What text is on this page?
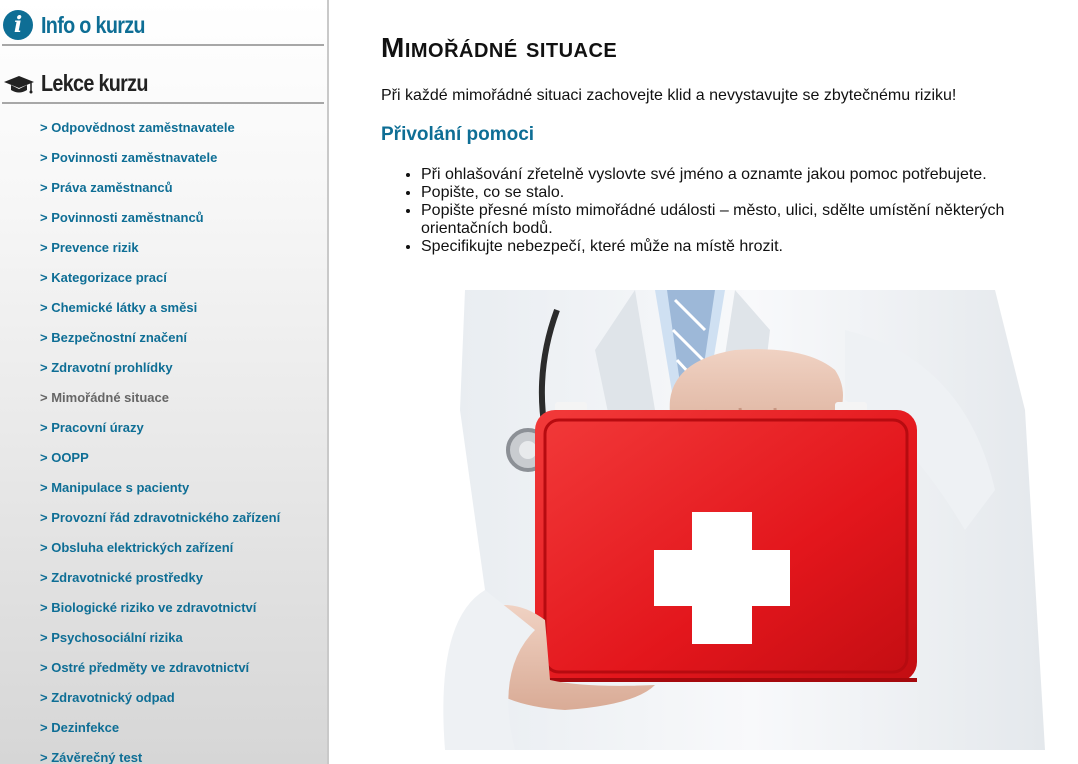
i Info o kurzu
Lekce kurzu
> Odpovědnost zaměstnavatele
> Povinnosti zaměstnavatele
> Práva zaměstnanců
> Povinnosti zaměstnanců
> Prevence rizik
> Kategorizace prací
> Chemické látky a směsi
> Bezpečnostní značení
> Zdravotní prohlídky
> Mimořádné situace
> Pracovní úrazy
> OOPP
> Manipulace s pacienty
> Provozní řád zdravotnického zařízení
> Obsluha elektrických zařízení
> Zdravotnické prostředky
> Biologické riziko ve zdravotnictví
> Psychosociální rizika
> Ostré předměty ve zdravotnictví
> Zdravotnický odpad
> Dezinfekce
> Závěrečný test
Mimořádné situace

Při každé mimořádné situaci zachovejte klid a nevystavujte se zbytečnému riziku!

Přivolání pomoci
• Při ohlašování zřetelně vyslovte své jméno a oznamte jakou pomoc potřebujete.
• Popište, co se stalo.
• Popište přesné místo mimořádné události – město, ulici, sdělte umístění některých orientačních bodů.
• Specifikujte nebezpečí, které může na místě hrozit.
